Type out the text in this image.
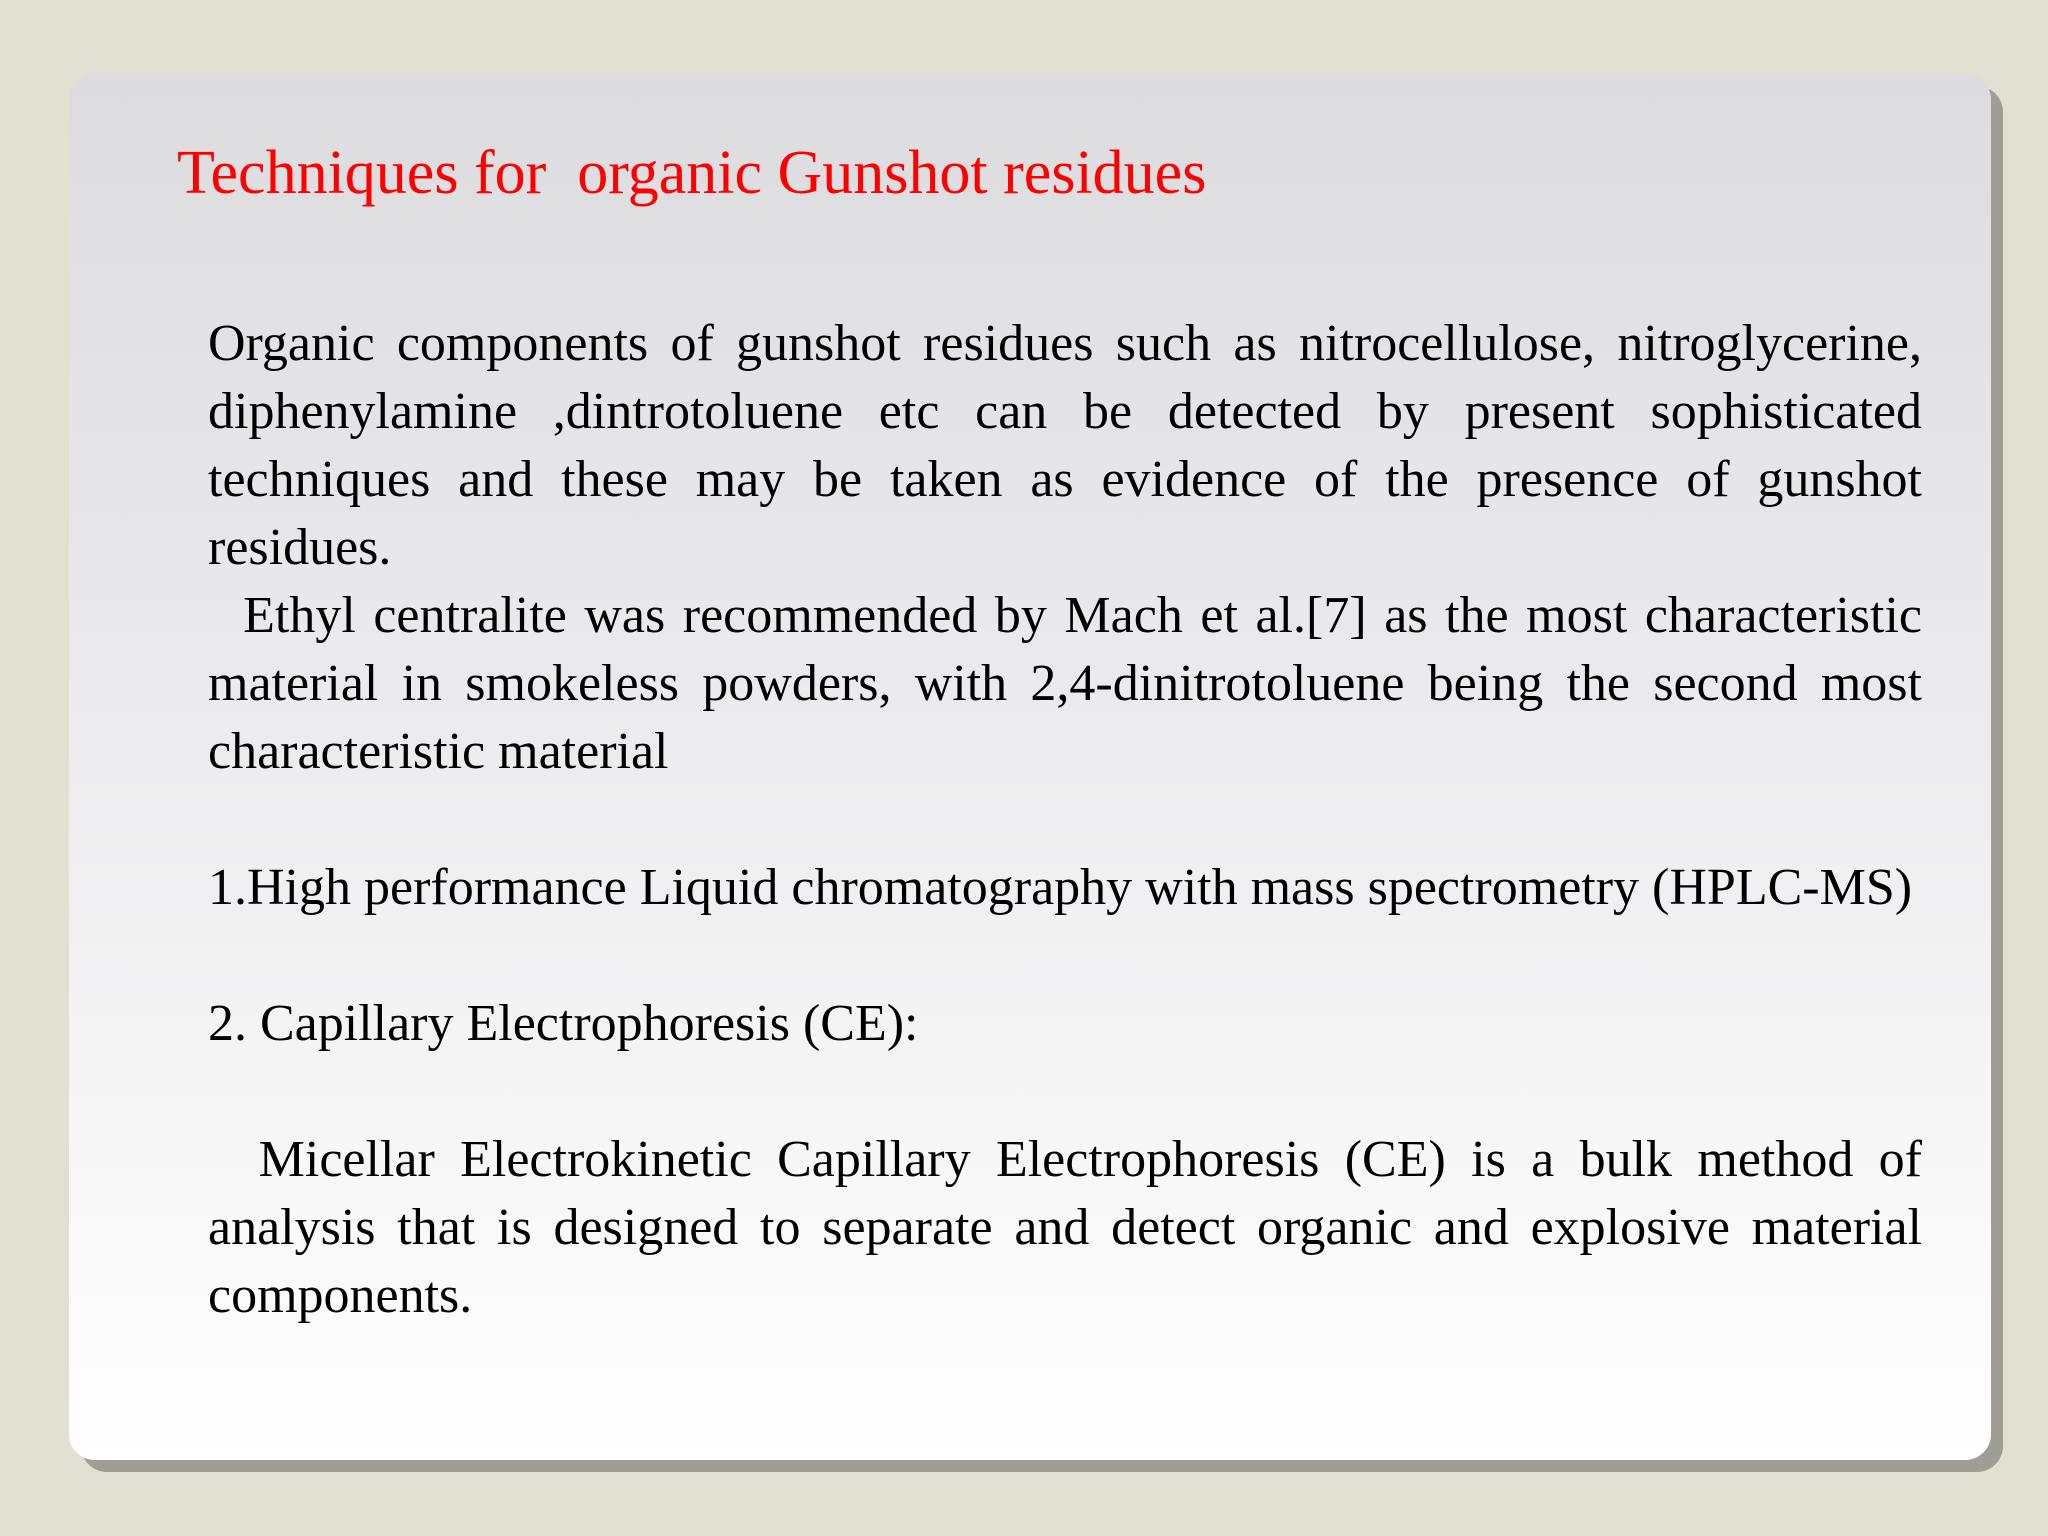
Techniques for  organic Gunshot residues

Organic components of gunshot residues such as nitrocellulose, nitroglycerine, diphenylamine ,dintrotoluene etc can be detected by present sophisticated techniques and these may be taken as evidence of the presence of gunshot residues.

Ethyl centralite was recommended by Mach et al.[7] as the most characteristic material in smokeless powders, with 2,4-dinitrotoluene being the second most characteristic material

1.High performance Liquid chromatography with mass spectrometry (HPLC-MS)

2. Capillary Electrophoresis (CE):

Micellar Electrokinetic Capillary Electrophoresis (CE) is a bulk method of analysis that is designed to separate and detect organic and explosive material components.
